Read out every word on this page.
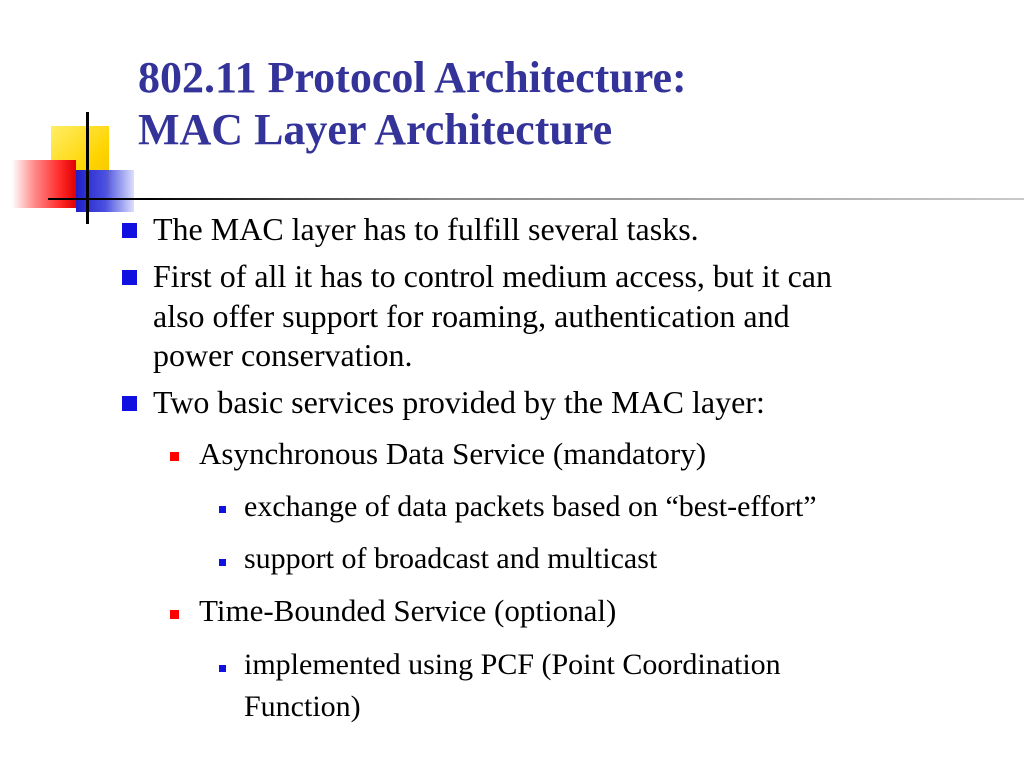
802.11 Protocol Architecture:
MAC Layer Architecture
The MAC layer has to fulfill several tasks.
First of all it has to control medium access, but it can
also offer support for roaming, authentication and
power conservation.
Two basic services provided by the MAC layer:
Asynchronous Data Service (mandatory)
exchange of data packets based on “best-effort”
support of broadcast and multicast
Time-Bounded Service (optional)
implemented using PCF (Point Coordination
Function)
